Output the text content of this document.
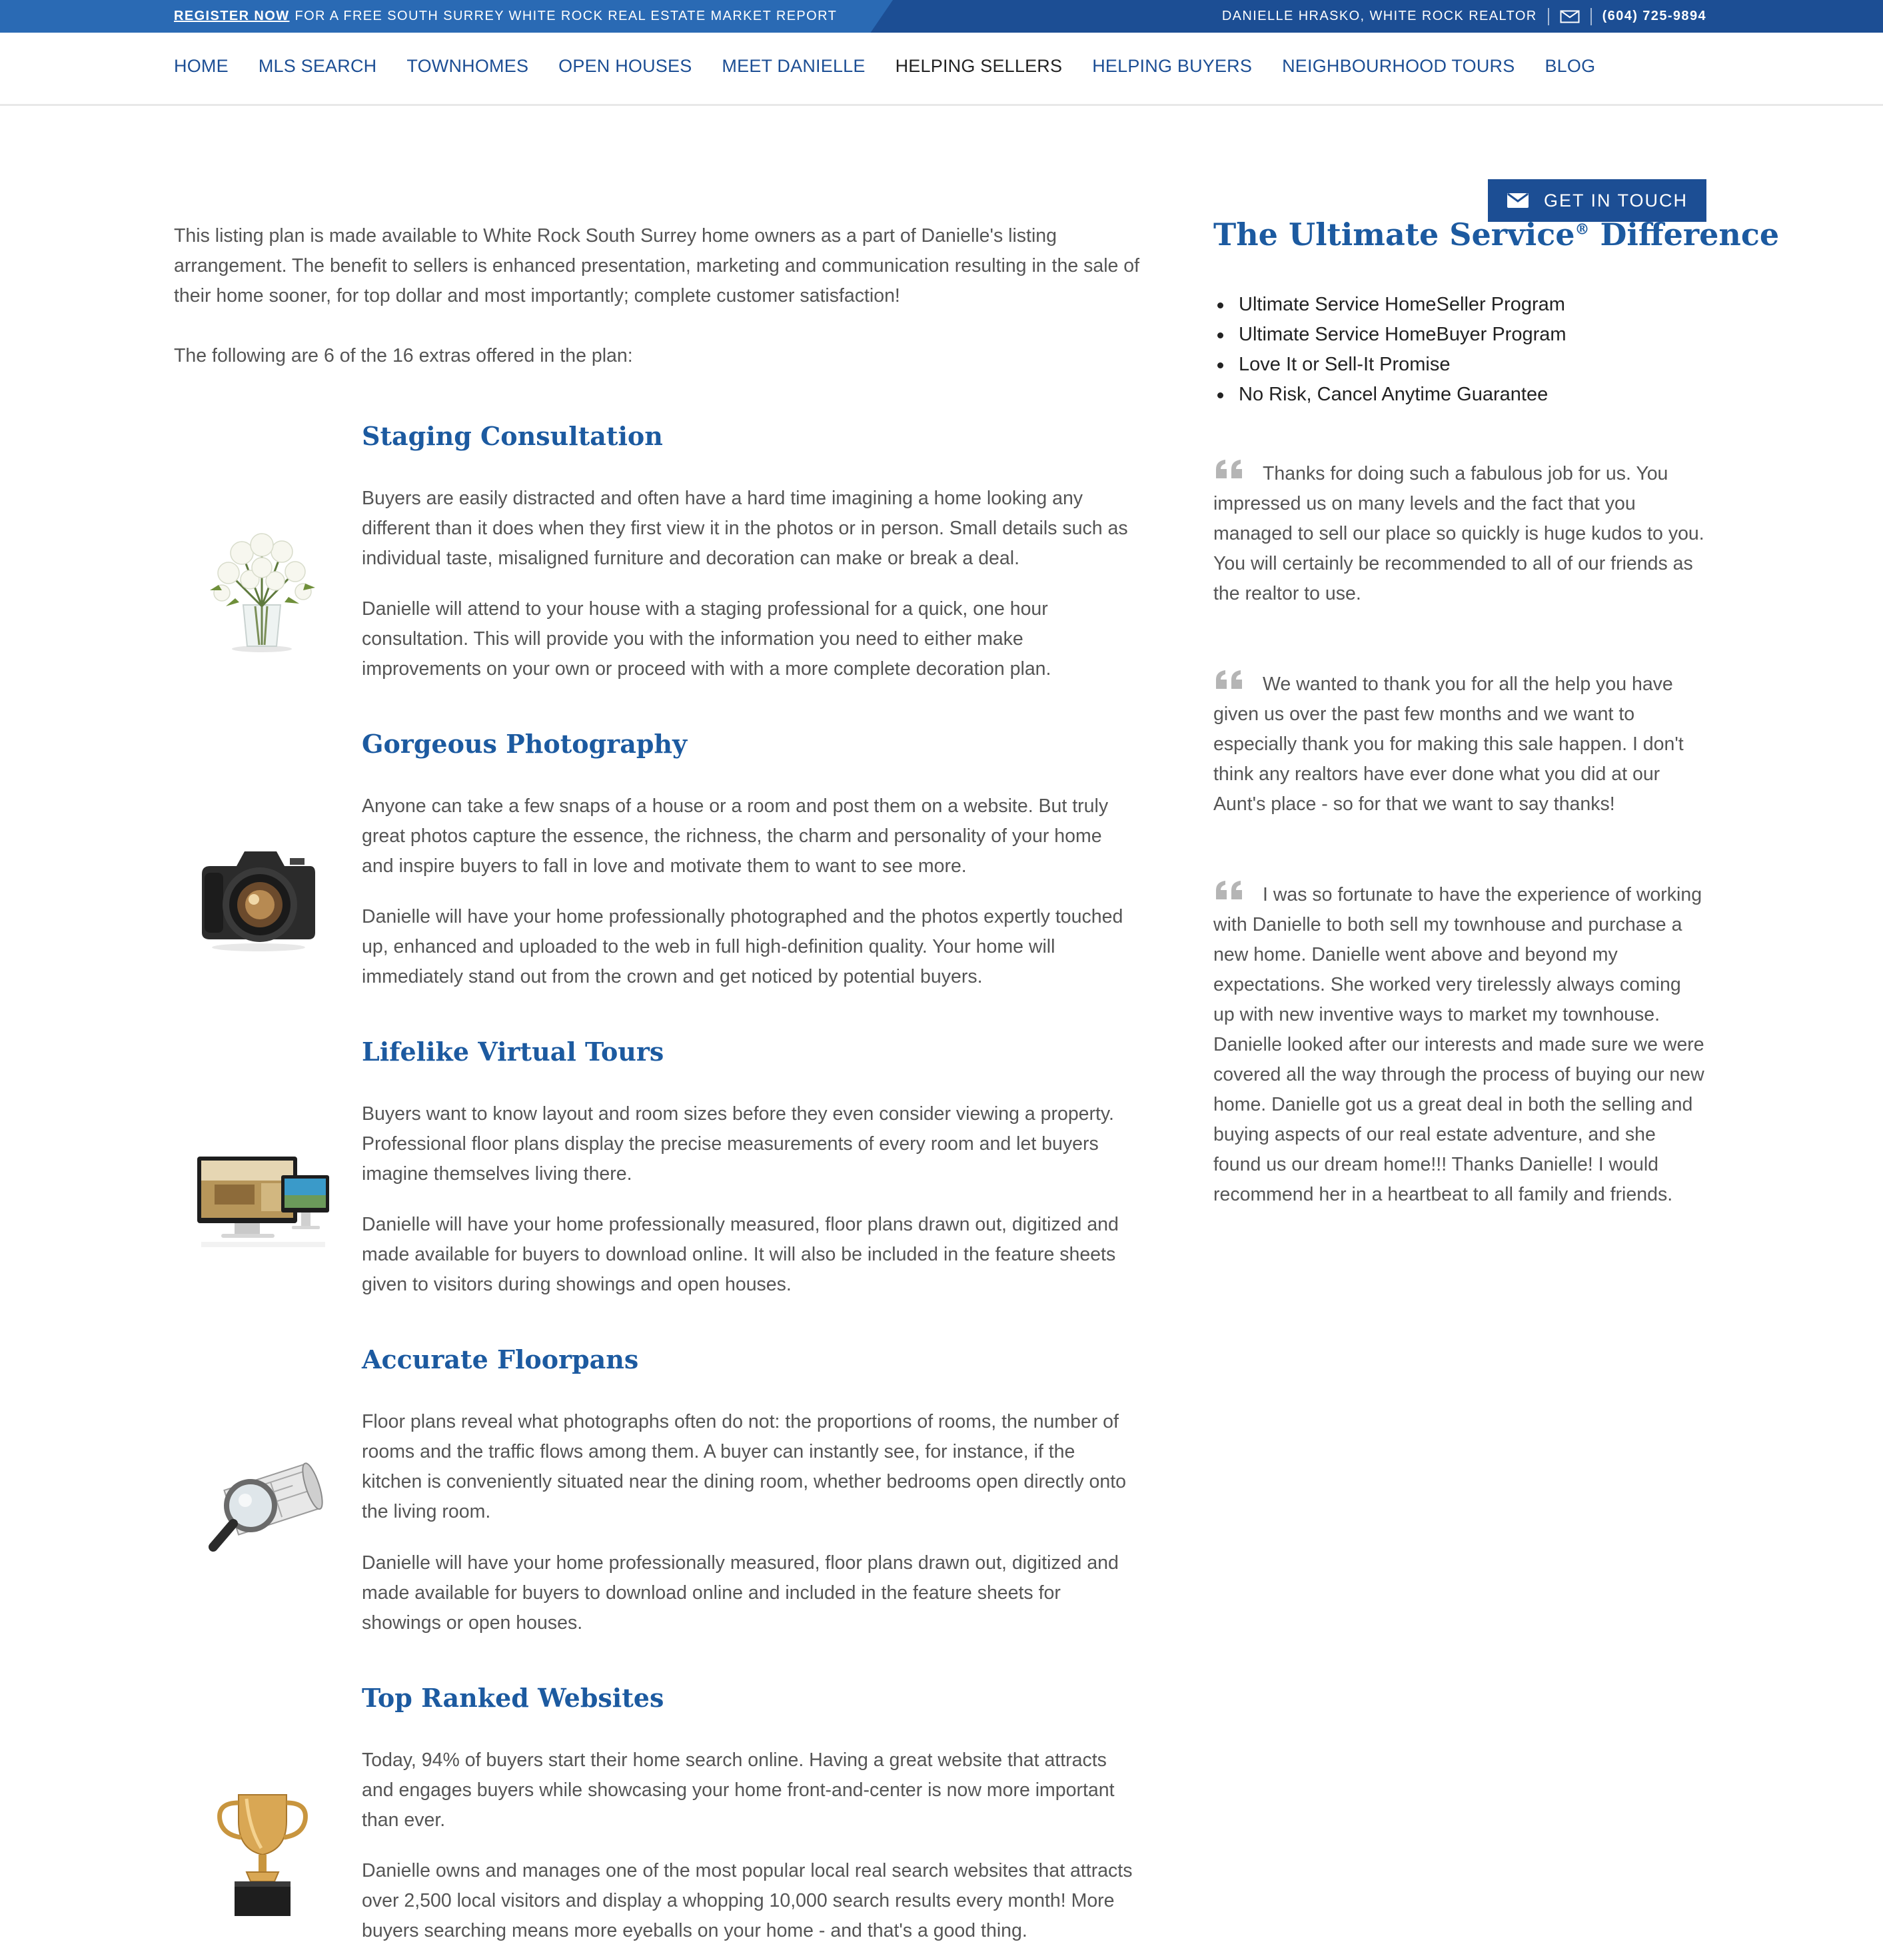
REGISTER NOW FOR A FREE SOUTH SURREY WHITE ROCK REAL ESTATE MARKET REPORT	DANIELLE HRASKO, WHITE ROCK REALTOR	(604) 725-9894
HOME MLS SEARCH TOWNHOMES OPEN HOUSES MEET DANIELLE HELPING SELLERS HELPING BUYERS NEIGHBOURHOOD TOURS BLOG

This listing plan is made available to White Rock South Surrey home owners as a part of Danielle's listing arrangement. The benefit to sellers is enhanced presentation, marketing and communication resulting in the sale of their home sooner, for top dollar and most importantly; complete customer satisfaction!

The following are 6 of the 16 extras offered in the plan:

Staging Consultation

Buyers are easily distracted and often have a hard time imagining a home looking any different than it does when they first view it in the photos or in person. Small details such as individual taste, misaligned furniture and decoration can make or break a deal.

Danielle will attend to your house with a staging professional for a quick, one hour consultation. This will provide you with the information you need to either make improvements on your own or proceed with with a more complete decoration plan.

Gorgeous Photography

Anyone can take a few snaps of a house or a room and post them on a website. But truly great photos capture the essence, the richness, the charm and personality of your home and inspire buyers to fall in love and motivate them to want to see more.

Danielle will have your home professionally photographed and the photos expertly touched up, enhanced and uploaded to the web in full high-definition quality. Your home will immediately stand out from the crown and get noticed by potential buyers.

Lifelike Virtual Tours

Buyers want to know layout and room sizes before they even consider viewing a property. Professional floor plans display the precise measurements of every room and let buyers imagine themselves living there.

Danielle will have your home professionally measured, floor plans drawn out, digitized and made available for buyers to download online. It will also be included in the feature sheets given to visitors during showings and open houses.

Accurate Floorpans

Floor plans reveal what photographs often do not: the proportions of rooms, the number of rooms and the traffic flows among them. A buyer can instantly see, for instance, if the kitchen is conveniently situated near the dining room, whether bedrooms open directly onto the living room.

Danielle will have your home professionally measured, floor plans drawn out, digitized and made available for buyers to download online and included in the feature sheets for showings or open houses.

Top Ranked Websites

Today, 94% of buyers start their home search online. Having a great website that attracts and engages buyers while showcasing your home front-and-center is now more important than ever.

Danielle owns and manages one of the most popular local real search websites that attracts over 2,500 local visitors and display a whopping 10,000 search results every month! More buyers searching means more eyeballs on your home - and that's a good thing.

GET IN TOUCH
The Ultimate Service® Difference
Ultimate Service HomeSeller Program
Ultimate Service HomeBuyer Program
Love It or Sell-It Promise
No Risk, Cancel Anytime Guarantee

Thanks for doing such a fabulous job for us. You impressed us on many levels and the fact that you managed to sell our place so quickly is huge kudos to you. You will certainly be recommended to all of our friends as the realtor to use.

We wanted to thank you for all the help you have given us over the past few months and we want to especially thank you for making this sale happen. I don't think any realtors have ever done what you did at our Aunt's place - so for that we want to say thanks!

I was so fortunate to have the experience of working with Danielle to both sell my townhouse and purchase a new home. Danielle went above and beyond my expectations. She worked very tirelessly always coming up with new inventive ways to market my townhouse. Danielle looked after our interests and made sure we were covered all the way through the process of buying our new home. Danielle got us a great deal in both the selling and buying aspects of our real estate adventure, and she found us our dream home!!! Thanks Danielle! I would recommend her in a heartbeat to all family and friends.
